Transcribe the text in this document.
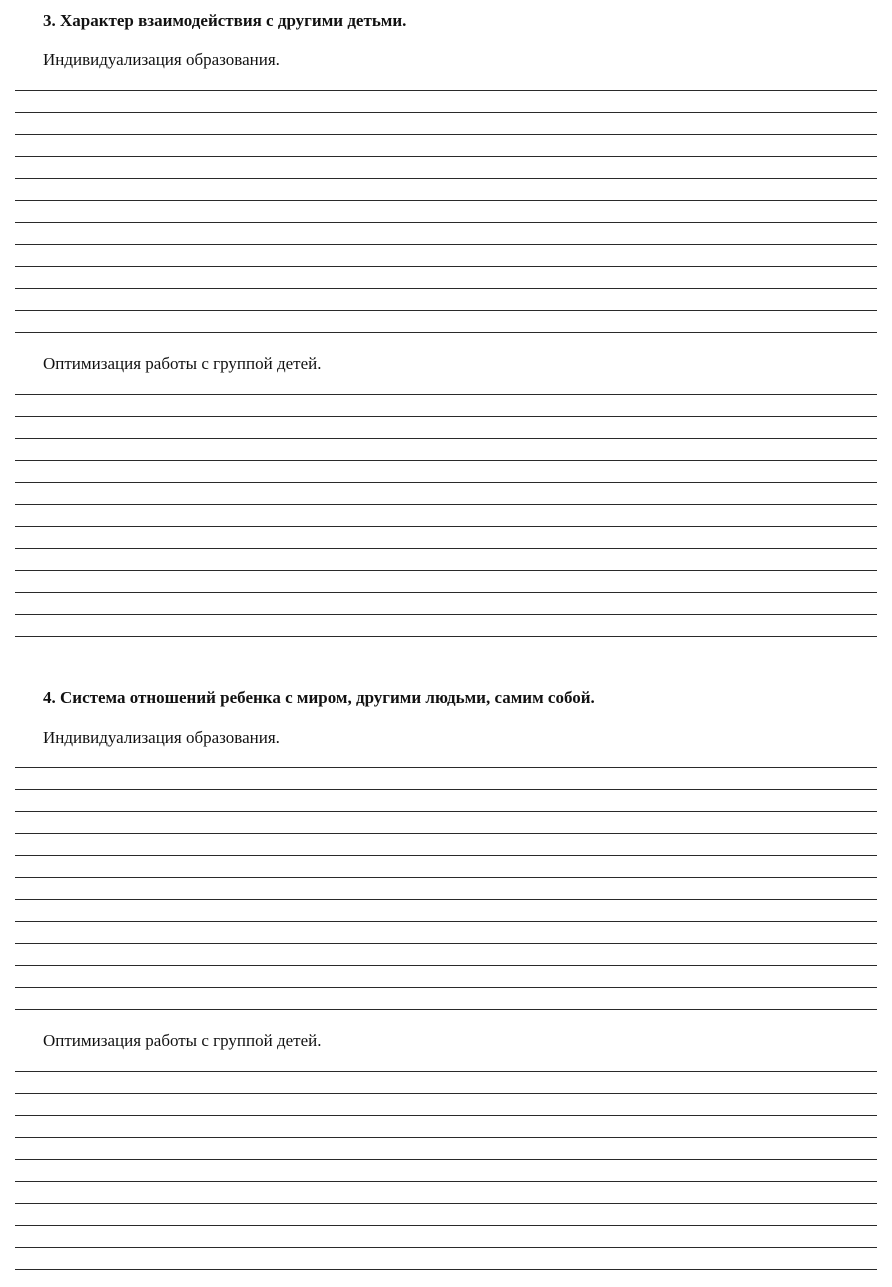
3. Характер взаимодействия с другими детьми.
Индивидуализация образования.
Оптимизация работы с группой детей.
4. Система отношений ребенка с миром, другими людьми, самим собой.
Индивидуализация образования.
Оптимизация работы с группой детей.
